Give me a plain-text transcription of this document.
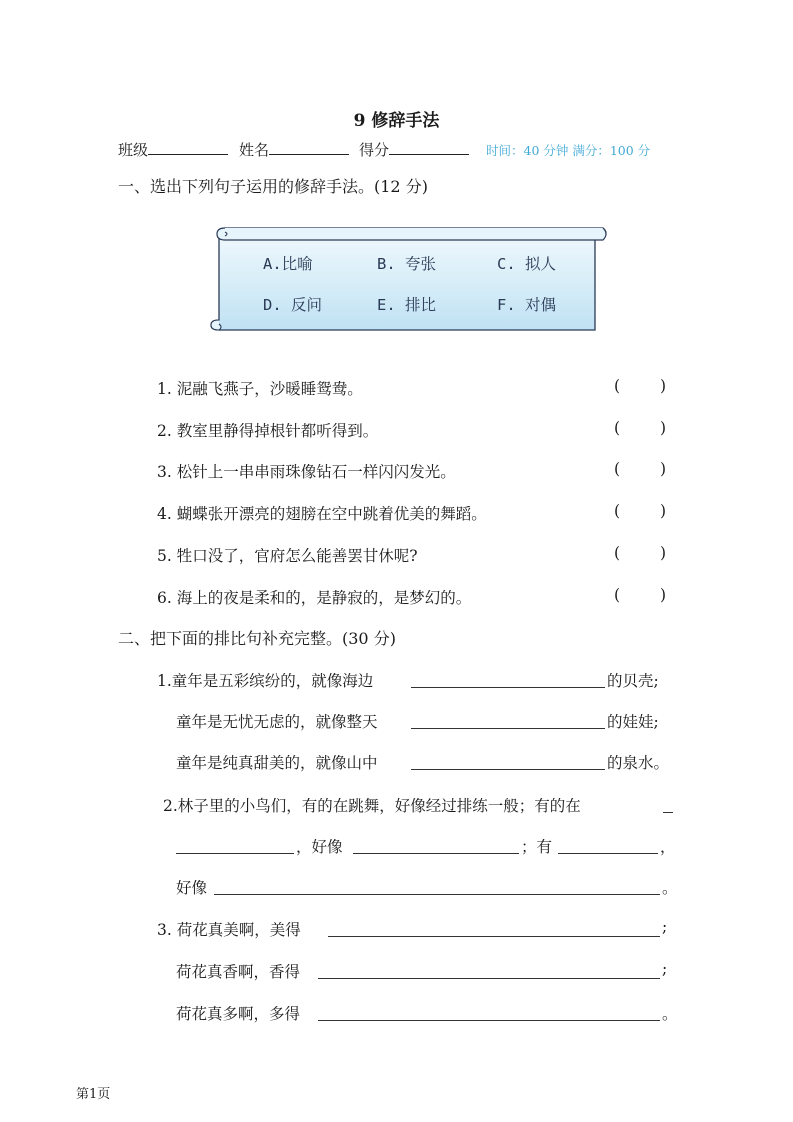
9 修辞手法
班级	姓名	得分	时间：40 分钟 满分：100 分
一、选出下列句子运用的修辞手法。(12 分)
A.比喻	B. 夸张	C. 拟人
D. 反问	E. 排比	F. 对偶
1. 泥融飞燕子，沙暖睡鸳鸯。	(	)
2. 教室里静得掉根针都听得到。	(	)
3. 松针上一串串雨珠像钻石一样闪闪发光。	(	)
4. 蝴蝶张开漂亮的翅膀在空中跳着优美的舞蹈。	(	)
5. 牲口没了，官府怎么能善罢甘休呢?	(	)
6. 海上的夜是柔和的，是静寂的，是梦幻的。	(	)
二、把下面的排比句补充完整。(30 分)
1.童年是五彩缤纷的，就像海边	的贝壳;
童年是无忧无虑的，就像整天	的娃娃;
童年是纯真甜美的，就像山中	的泉水。
2.林子里的小鸟们，有的在跳舞，好像经过排练一般；有的在
，好像	；有	，
好像	。
3. 荷花真美啊，美得	;
荷花真香啊，香得	;
荷花真多啊，多得	。
第1页
